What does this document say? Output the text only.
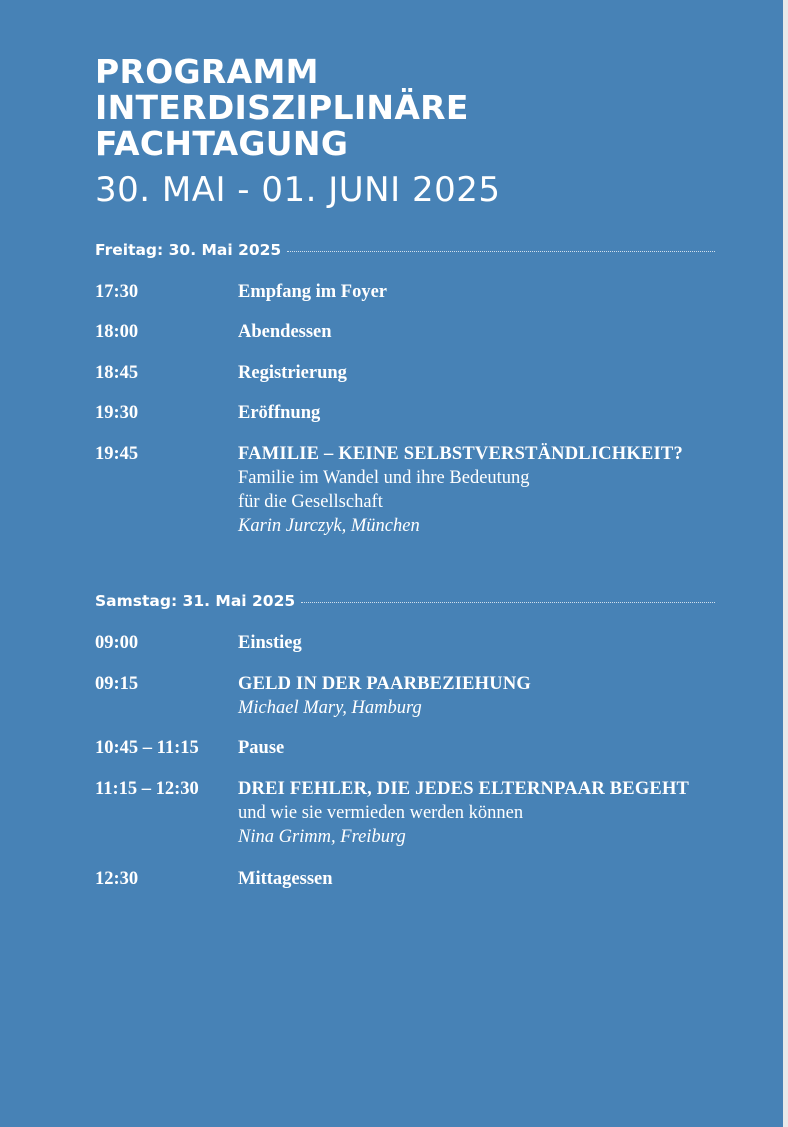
PROGRAMM
INTERDISZIPLINÄRE
FACHTAGUNG
30. MAI - 01. JUNI 2025
Freitag: 30. Mai 2025
17:30	Empfang im Foyer
18:00	Abendessen
18:45	Registrierung
19:30	Eröffnung
19:45	FAMILIE – KEINE SELBSTVERSTÄNDLICHKEIT?
Familie im Wandel und ihre Bedeutung
für die Gesellschaft
Karin Jurczyk, München
Samstag: 31. Mai 2025
09:00	Einstieg
09:15	GELD IN DER PAARBEZIEHUNG
Michael Mary, Hamburg
10:45 – 11:15 Pause
11:15 – 12:30 DREI FEHLER, DIE JEDES ELTERNPAAR BEGEHT
und wie sie vermieden werden können
Nina Grimm, Freiburg
12:30	Mittagessen
